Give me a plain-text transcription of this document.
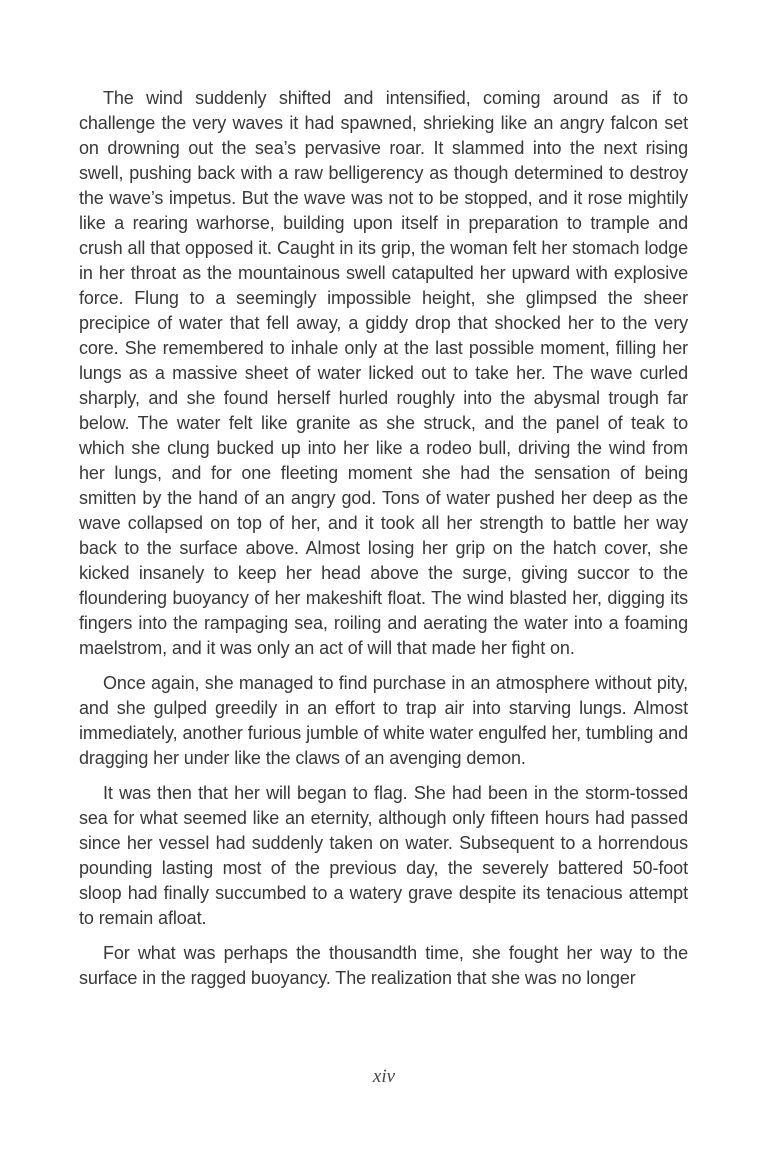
The wind suddenly shifted and intensified, coming around as if to challenge the very waves it had spawned, shrieking like an angry falcon set on drowning out the sea’s pervasive roar. It slammed into the next rising swell, pushing back with a raw belligerency as though determined to destroy the wave’s impetus. But the wave was not to be stopped, and it rose mightily like a rearing warhorse, building upon itself in preparation to trample and crush all that opposed it. Caught in its grip, the woman felt her stomach lodge in her throat as the mountainous swell catapulted her upward with explosive force. Flung to a seemingly impossible height, she glimpsed the sheer precipice of water that fell away, a giddy drop that shocked her to the very core. She remembered to inhale only at the last possible moment, filling her lungs as a massive sheet of water licked out to take her. The wave curled sharply, and she found herself hurled roughly into the abysmal trough far below. The water felt like granite as she struck, and the panel of teak to which she clung bucked up into her like a rodeo bull, driving the wind from her lungs, and for one fleeting moment she had the sensation of being smitten by the hand of an angry god. Tons of water pushed her deep as the wave collapsed on top of her, and it took all her strength to battle her way back to the surface above. Almost losing her grip on the hatch cover, she kicked insanely to keep her head above the surge, giving succor to the floundering buoyancy of her makeshift float. The wind blasted her, digging its fingers into the rampaging sea, roiling and aerating the water into a foaming maelstrom, and it was only an act of will that made her fight on.

Once again, she managed to find purchase in an atmosphere without pity, and she gulped greedily in an effort to trap air into starving lungs. Almost immediately, another furious jumble of white water engulfed her, tumbling and dragging her under like the claws of an avenging demon.

It was then that her will began to flag. She had been in the storm-tossed sea for what seemed like an eternity, although only fifteen hours had passed since her vessel had suddenly taken on water. Subsequent to a horrendous pounding lasting most of the previous day, the severely battered 50-foot sloop had finally succumbed to a watery grave despite its tenacious attempt to remain afloat.

For what was perhaps the thousandth time, she fought her way to the surface in the ragged buoyancy. The realization that she was no longer

xiv
